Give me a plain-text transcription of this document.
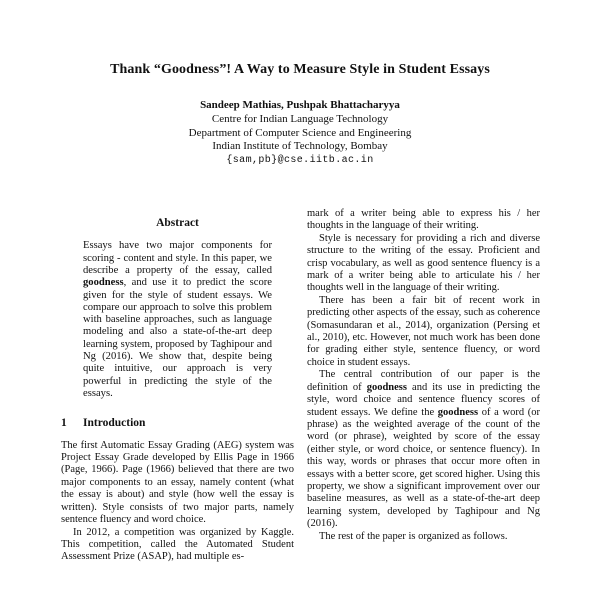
Thank “Goodness”! A Way to Measure Style in Student Essays
Sandeep Mathias, Pushpak Bhattacharyya
Centre for Indian Language Technology
Department of Computer Science and Engineering
Indian Institute of Technology, Bombay
{sam,pb}@cse.iitb.ac.in
Abstract

Essays have two major components for scoring - content and style. In this paper, we describe a property of the essay, called goodness, and use it to predict the score given for the style of student essays. We compare our approach to solve this problem with baseline approaches, such as language modeling and also a state-of-the-art deep learning system, proposed by Taghipour and Ng (2016). We show that, despite being quite intuitive, our approach is very powerful in predicting the style of the essays.

1 Introduction

The first Automatic Essay Grading (AEG) system was Project Essay Grade developed by Ellis Page in 1966 (Page, 1966). Page (1966) believed that there are two major components to an essay, namely content (what the essay is about) and style (how well the essay is written). Style consists of two major parts, namely sentence fluency and word choice.

In 2012, a competition was organized by Kaggle. This competition, called the Automated Student Assessment Prize (ASAP), had multiple es-

mark of a writer being able to express his / her thoughts in the language of their writing.

Style is necessary for providing a rich and diverse structure to the writing of the essay. Proficient and crisp vocabulary, as well as good sentence fluency is a mark of a writer being able to articulate his / her thoughts well in the language of their writing.

There has been a fair bit of recent work in predicting other aspects of the essay, such as coherence (Somasundaran et al., 2014), organization (Persing et al., 2010), etc. However, not much work has been done for grading either style, sentence fluency, or word choice in student essays.

The central contribution of our paper is the definition of goodness and its use in predicting the style, word choice and sentence fluency scores of student essays. We define the goodness of a word (or phrase) as the weighted average of the count of the word (or phrase), weighted by score of the essay (either style, or word choice, or sentence fluency). In this way, words or phrases that occur more often in essays with a better score, get scored higher. Using this property, we show a significant improvement over our baseline measures, as well as a state-of-the-art deep learning system, developed by Taghipour and Ng (2016).

The rest of the paper is organized as follows.
